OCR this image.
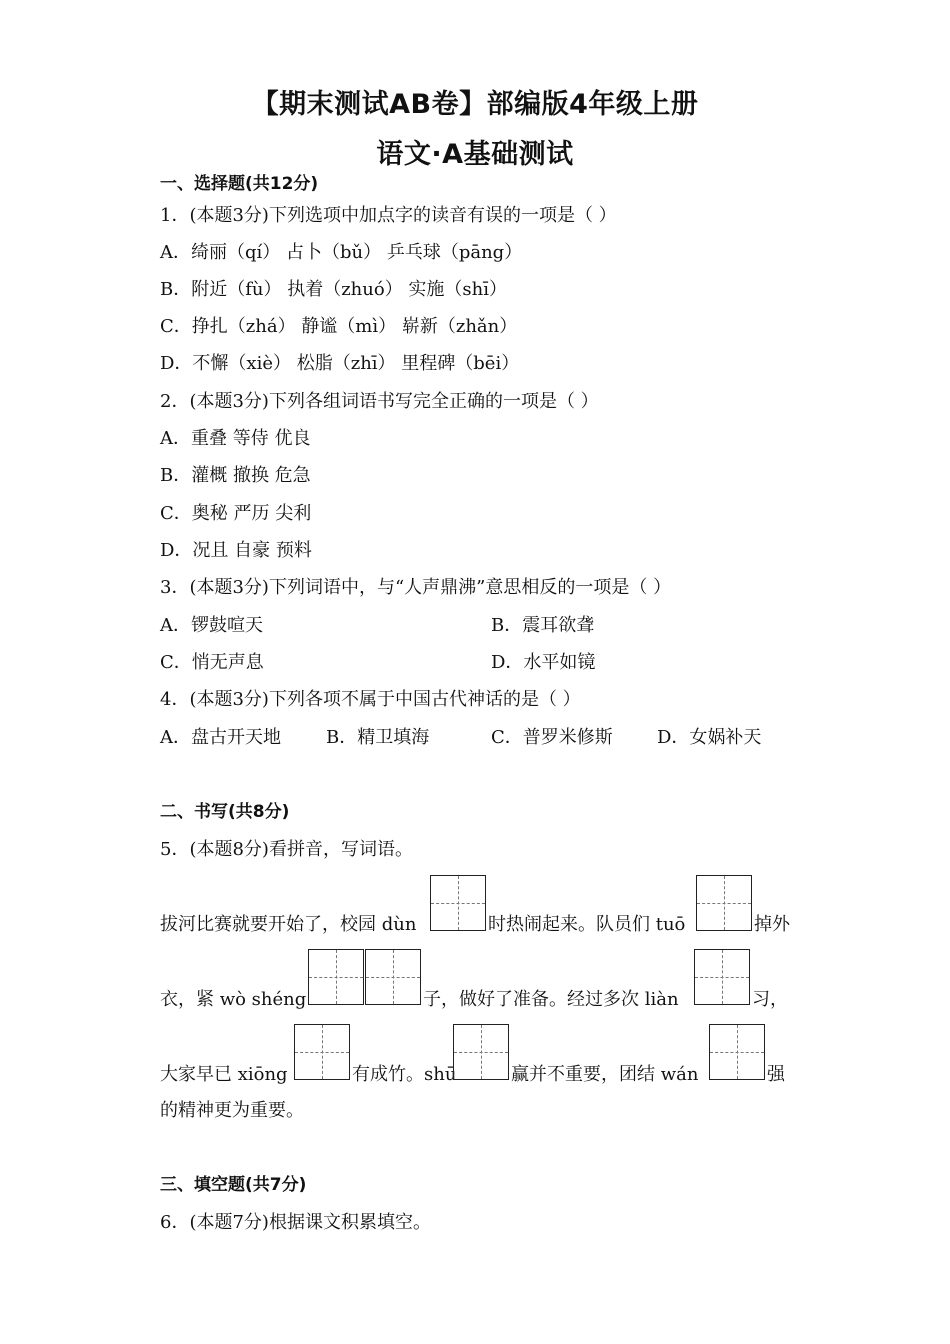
【期末测试AB卷】部编版4年级上册
语文·A基础测试
一、选择题(共12分)
1．(本题3分)下列选项中加点字的读音有误的一项是（ ）
A．绮丽（qí） 占卜（bǔ） 乒乓球（pāng）
B．附近（fù） 执着（zhuó） 实施（shī）
C．挣扎（zhá） 静谧（mì） 崭新（zhǎn）
D．不懈（xiè） 松脂（zhī） 里程碑（bēi）
2．(本题3分)下列各组词语书写完全正确的一项是（ ）
A．重叠 等侍 优良
B．灌概 撤换 危急
C．奥秘 严历 尖利
D．况且 自豪 预料
3．(本题3分)下列词语中，与“人声鼎沸”意思相反的一项是（ ）
A．锣鼓喧天	B．震耳欲聋
C．悄无声息	D．水平如镜
4．(本题3分)下列各项不属于中国古代神话的是（ ）
A．盘古开天地	B．精卫填海	C．普罗米修斯 D．女娲补天
二、书写(共8分)
5．(本题8分)看拼音，写词语。
拔河比赛就要开始了，校园 dùn	时热闹起来。队员们 tuō	掉外
衣，紧 wò shéng	子，做好了准备。经过多次 liàn	习，
大家早已 xiōng	有成竹。shū	赢并不重要，团结 wán	强
的精神更为重要。
三、填空题(共7分)
6．(本题7分)根据课文积累填空。
